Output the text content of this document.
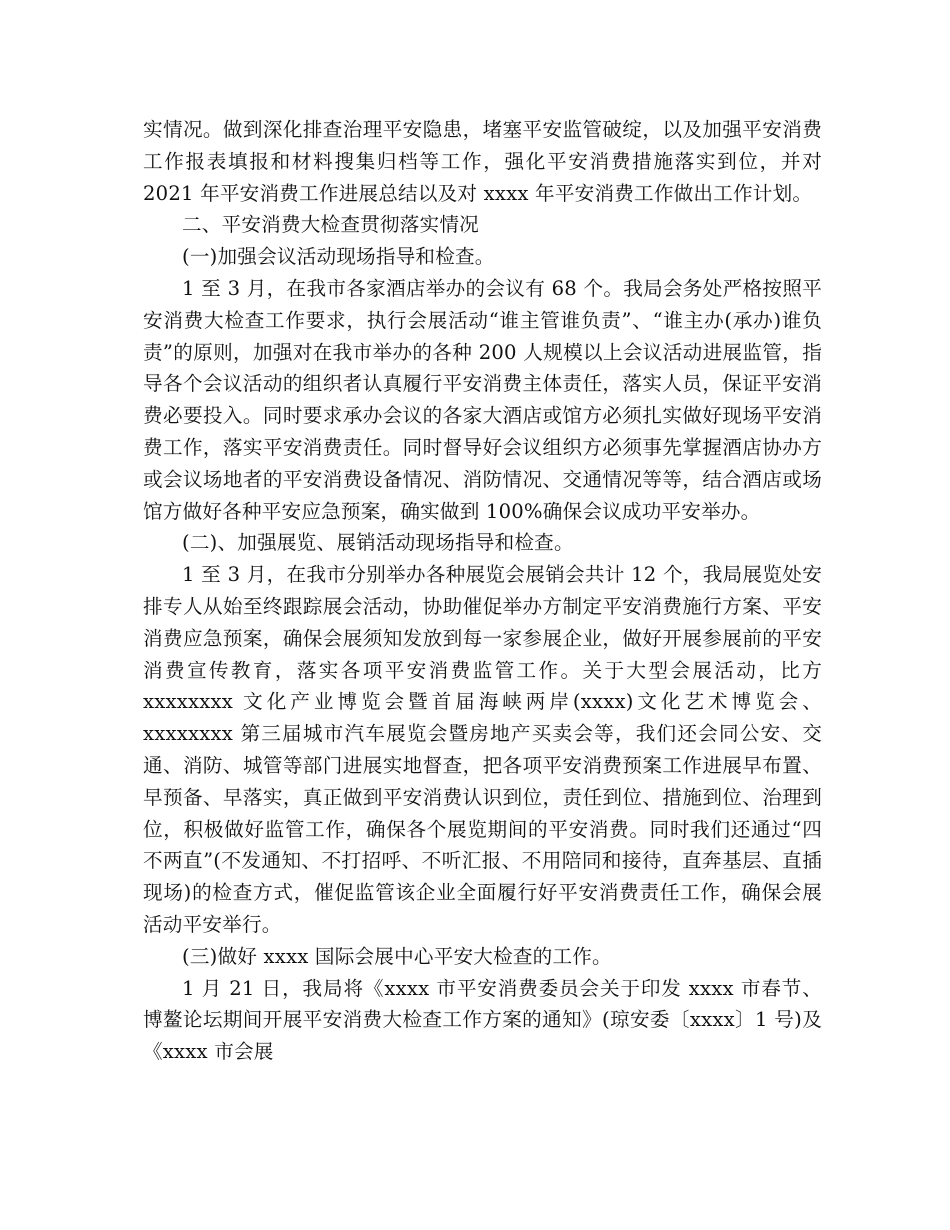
实情况。做到深化排查治理平安隐患，堵塞平安监管破绽，以及加强平安消费工作报表填报和材料搜集归档等工作，强化平安消费措施落实到位，并对 2021 年平安消费工作进展总结以及对 xxxx 年平安消费工作做出工作计划。

二、平安消费大检查贯彻落实情况

(一)加强会议活动现场指导和检查。

1 至 3 月，在我市各家酒店举办的会议有 68 个。我局会务处严格按照平安消费大检查工作要求，执行会展活动“谁主管谁负责”、“谁主办(承办)谁负责”的原则，加强对在我市举办的各种 200 人规模以上会议活动进展监管，指导各个会议活动的组织者认真履行平安消费主体责任，落实人员，保证平安消费必要投入。同时要求承办会议的各家大酒店或馆方必须扎实做好现场平安消费工作，落实平安消费责任。同时督导好会议组织方必须事先掌握酒店协办方或会议场地者的平安消费设备情况、消防情况、交通情况等等，结合酒店或场馆方做好各种平安应急预案，确实做到 100%确保会议成功平安举办。

(二)、加强展览、展销活动现场指导和检查。

1 至 3 月，在我市分别举办各种展览会展销会共计 12 个，我局展览处安排专人从始至终跟踪展会活动，协助催促举办方制定平安消费施行方案、平安消费应急预案，确保会展须知发放到每一家参展企业，做好开展参展前的平安消费宣传教育，落实各项平安消费监管工作。关于大型会展活动，比方 xxxxxxxx 文化产业博览会暨首届海峡两岸(xxxx)文化艺术博览会、xxxxxxxx 第三届城市汽车展览会暨房地产买卖会等，我们还会同公安、交通、消防、城管等部门进展实地督查，把各项平安消费预案工作进展早布置、早预备、早落实，真正做到平安消费认识到位，责任到位、措施到位、治理到位，积极做好监管工作，确保各个展览期间的平安消费。同时我们还通过“四不两直”(不发通知、不打招呼、不听汇报、不用陪同和接待，直奔基层、直插现场)的检查方式，催促监管该企业全面履行好平安消费责任工作，确保会展活动平安举行。

(三)做好 xxxx 国际会展中心平安大检查的工作。

1 月 21 日，我局将《xxxx 市平安消费委员会关于印发 xxxx 市春节、博鳌论坛期间开展平安消费大检查工作方案的通知》(琼安委〔xxxx〕1 号)及《xxxx 市会展
